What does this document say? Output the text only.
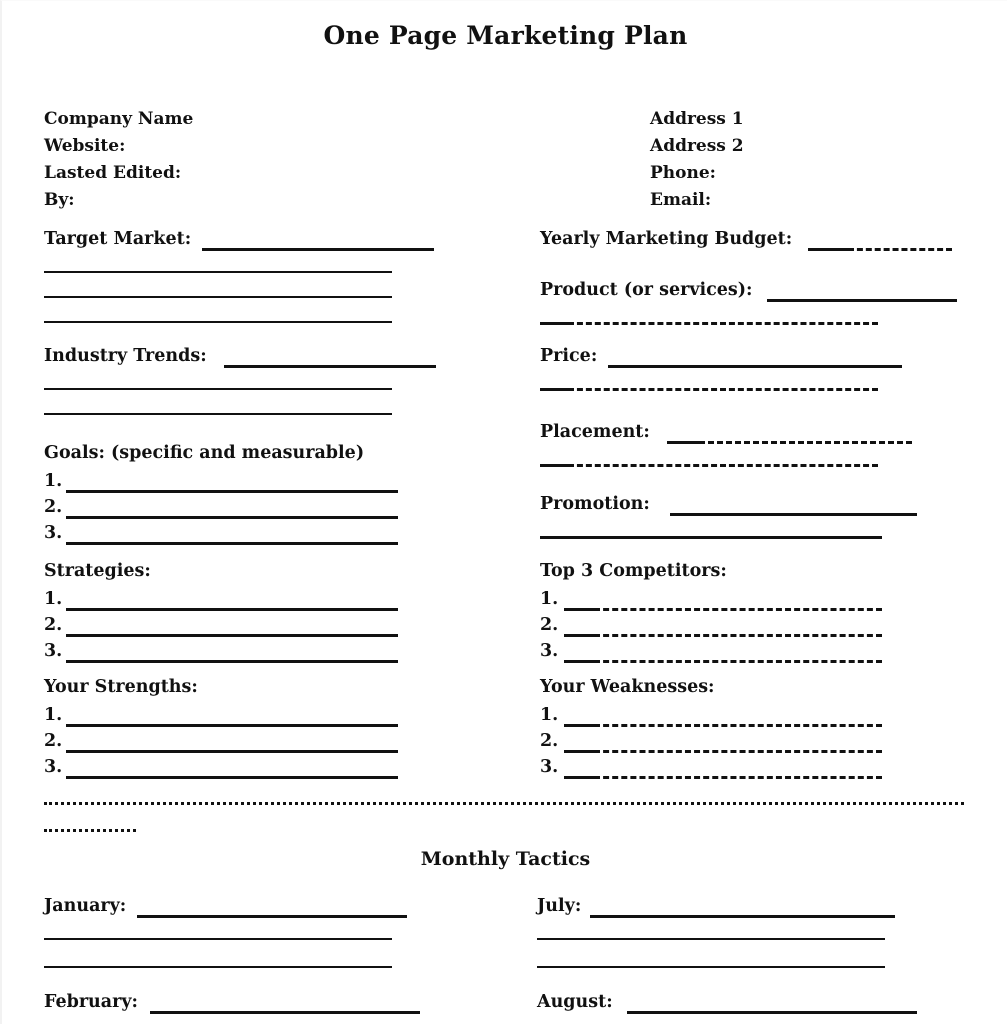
One Page Marketing Plan
Company Name
Website:
Lasted Edited:
By:
Address 1
Address 2
Phone:
Email:
Target Market:
Industry Trends:
Goals: (specific and measurable)
1.
2.
3.
Strategies:
1.
2.
3.
Your Strengths:
1.
2.
3.
Yearly Marketing Budget:
Product (or services):
Price:
Placement:
Promotion:
Top 3 Competitors:
1.
2.
3.
Your Weaknesses:
1.
2.
3.
Monthly Tactics
January:
February:
July:
August:
